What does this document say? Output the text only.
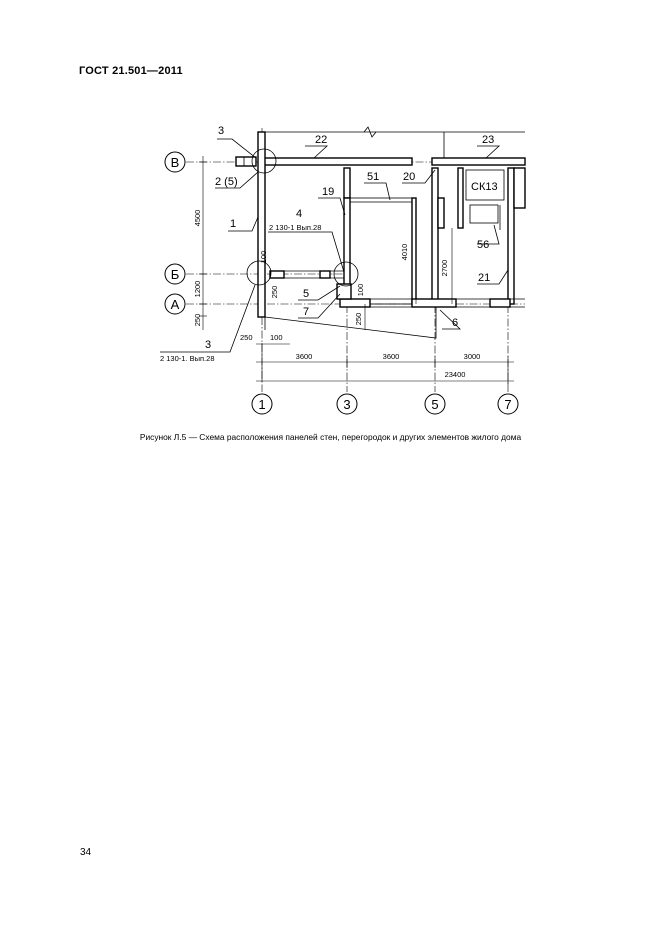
ГОСТ 21.501—2011
В
Б
А
1	3	5	7
3
2 (5)
22	23
19
51 20
СК13
1
4
2 130-1 Вып.28
56
21
5
7
6
3
2 130-1. Вып.28
4500
1200
250
100
250	100
4010
2700
250
250 100
3600	3600	3000
23400
Рисунок Л.5 — Схема расположения панелей стен, перегородок и других элементов жилого дома
34
